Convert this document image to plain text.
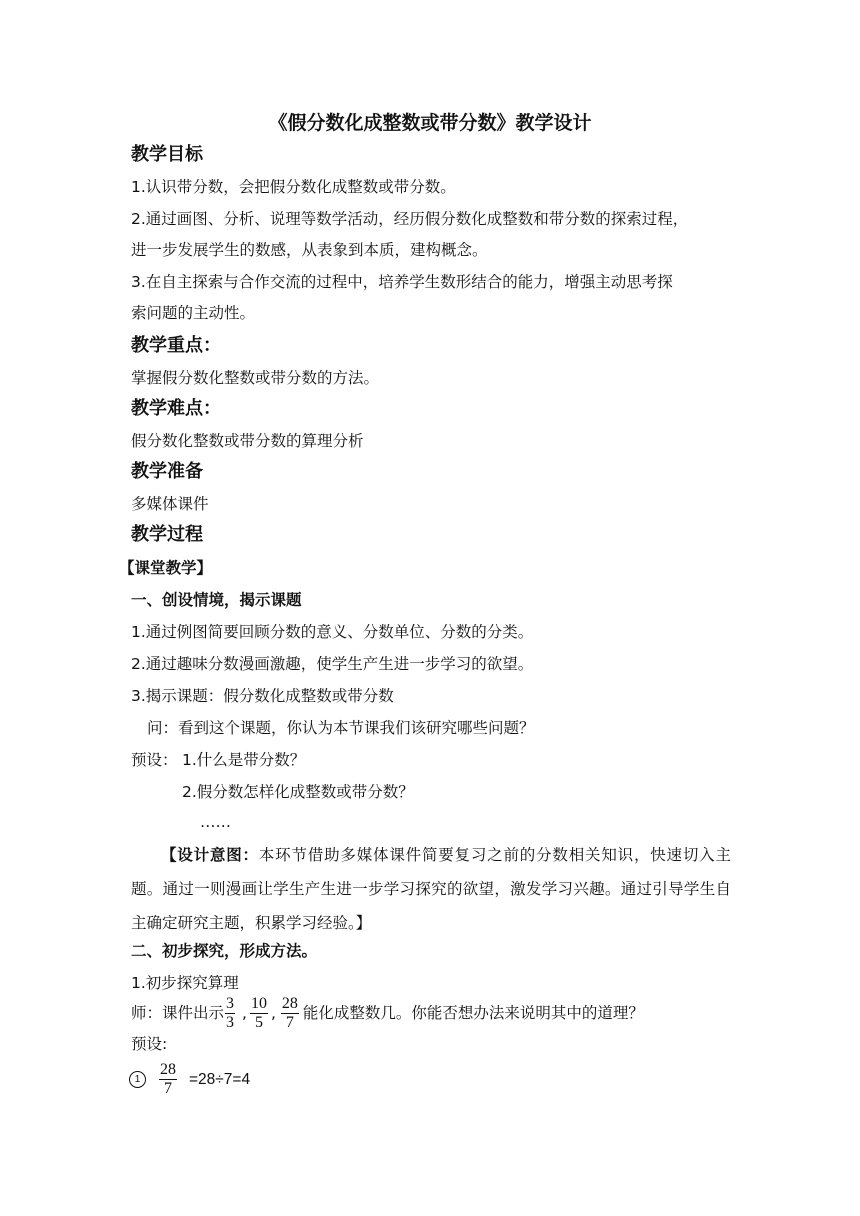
《假分数化成整数或带分数》教学设计
教学目标
1.认识带分数，会把假分数化成整数或带分数。
2.通过画图、分析、说理等数学活动，经历假分数化成整数和带分数的探索过程，
进一步发展学生的数感，从表象到本质，建构概念。
3.在自主探索与合作交流的过程中，培养学生数形结合的能力，增强主动思考探
索问题的主动性。
教学重点：
掌握假分数化整数或带分数的方法。
教学难点：
假分数化整数或带分数的算理分析
教学准备
多媒体课件
教学过程
【课堂教学】
一、创设情境，揭示课题
1.通过例图简要回顾分数的意义、分数单位、分数的分类。
2.通过趣味分数漫画激趣，使学生产生进一步学习的欲望。
3.揭示课题：假分数化成整数或带分数
问：看到这个课题，你认为本节课我们该研究哪些问题？
预设： 1.什么是带分数？
2.假分数怎样化成整数或带分数？
……
【设计意图：本环节借助多媒体课件简要复习之前的分数相关知识，快速切入主题。通过一则漫画让学生产生进一步学习探究的欲望，激发学习兴趣。通过引导学生自主确定研究主题，积累学习经验。】
二、初步探究，形成方法。
1.初步探究算理
师：课件出示 $\frac{3}{3}$ , $\frac{10}{5}$ , $\frac{28}{7}$ 能化成整数几。你能否想办法来说明其中的道理？
预设:
$1 \frac{28}{7} =28\div 7=4$
